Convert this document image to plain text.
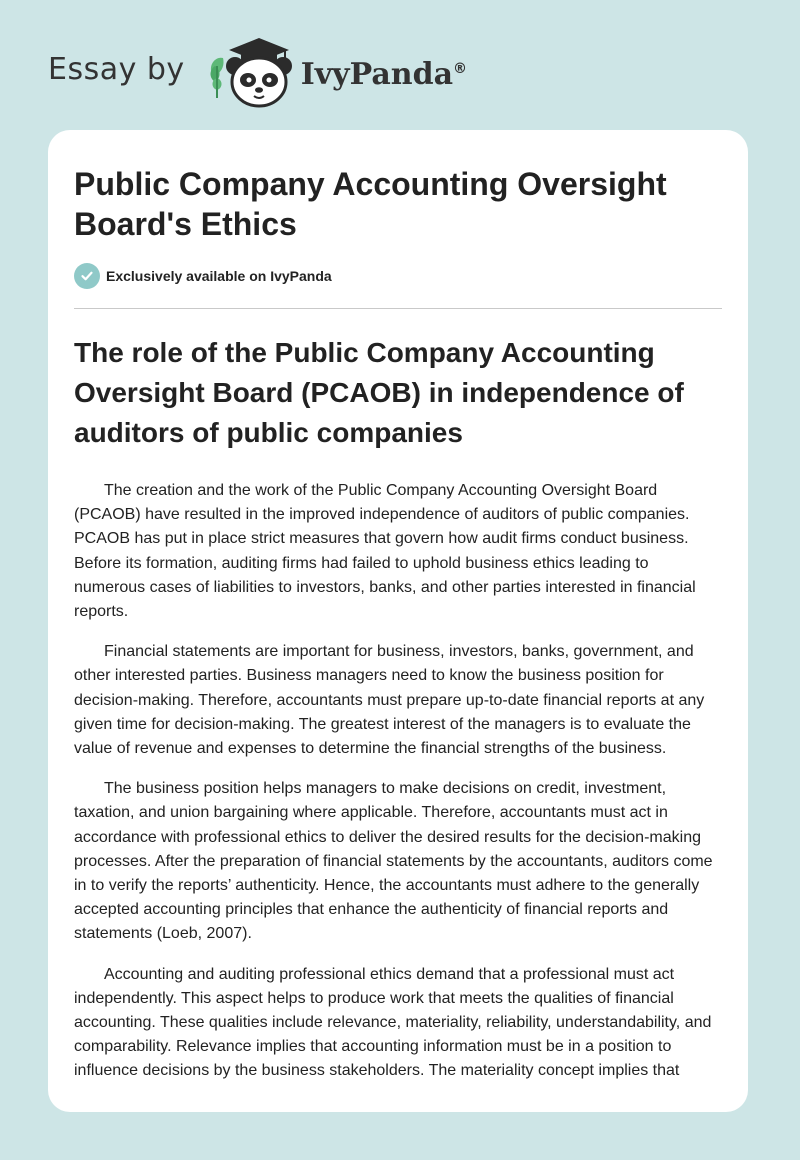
Essay by	IvyPanda®
Public Company Accounting Oversight Board's Ethics
Exclusively available on IvyPanda
The role of the Public Company Accounting Oversight Board (PCAOB) in independence of auditors of public companies

The creation and the work of the Public Company Accounting Oversight Board (PCAOB) have resulted in the improved independence of auditors of public companies. PCAOB has put in place strict measures that govern how audit firms conduct business. Before its formation, auditing firms had failed to uphold business ethics leading to numerous cases of liabilities to investors, banks, and other parties interested in financial reports.

Financial statements are important for business, investors, banks, government, and other interested parties. Business managers need to know the business position for decision-making. Therefore, accountants must prepare up-to-date financial reports at any given time for decision-making. The greatest interest of the managers is to evaluate the value of revenue and expenses to determine the financial strengths of the business.

The business position helps managers to make decisions on credit, investment, taxation, and union bargaining where applicable. Therefore, accountants must act in accordance with professional ethics to deliver the desired results for the decision-making processes. After the preparation of financial statements by the accountants, auditors come in to verify the reports’ authenticity. Hence, the accountants must adhere to the generally accepted accounting principles that enhance the authenticity of financial reports and statements (Loeb, 2007).

Accounting and auditing professional ethics demand that a professional must act independently. This aspect helps to produce work that meets the qualities of financial accounting. These qualities include relevance, materiality, reliability, understandability, and comparability. Relevance implies that accounting information must be in a position to influence decisions by the business stakeholders. The materiality concept implies that
